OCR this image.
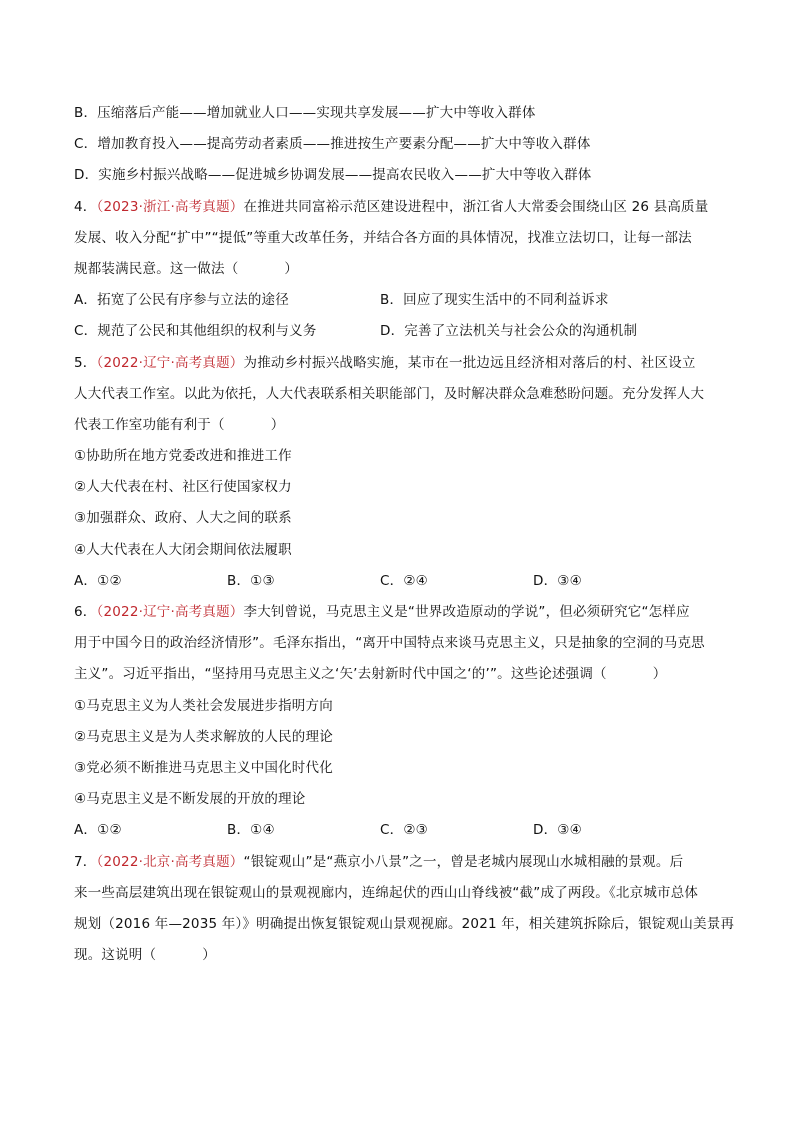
B．压缩落后产能——增加就业人口——实现共享发展——扩大中等收入群体
C．增加教育投入——提高劳动者素质——推进按生产要素分配——扩大中等收入群体
D．实施乡村振兴战略——促进城乡协调发展——提高农民收入——扩大中等收入群体
4．（2023·浙江·高考真题）在推进共同富裕示范区建设进程中，浙江省人大常委会围绕山区 26 县高质量
发展、收入分配“扩中”“提低”等重大改革任务，并结合各方面的具体情况，找准立法切口，让每一部法
规都装满民意。这一做法（	）
A．拓宽了公民有序参与立法的途径	B．回应了现实生活中的不同利益诉求
C．规范了公民和其他组织的权利与义务	D．完善了立法机关与社会公众的沟通机制
5．（2022·辽宁·高考真题）为推动乡村振兴战略实施，某市在一批边远且经济相对落后的村、社区设立
人大代表工作室。以此为依托，人大代表联系相关职能部门，及时解决群众急难愁盼问题。充分发挥人大
代表工作室功能有利于（	）
①协助所在地方党委改进和推进工作
②人大代表在村、社区行使国家权力
③加强群众、政府、人大之间的联系
④人大代表在人大闭会期间依法履职
A．①②	B．①③	C．②④	D．③④
6．（2022·辽宁·高考真题）李大钊曾说，马克思主义是“世界改造原动的学说”，但必须研究它“怎样应
用于中国今日的政治经济情形”。毛泽东指出，“离开中国特点来谈马克思主义，只是抽象的空洞的马克思
主义”。习近平指出，“坚持用马克思主义之‘矢’去射新时代中国之‘的’”。这些论述强调（	）
①马克思主义为人类社会发展进步指明方向
②马克思主义是为人类求解放的人民的理论
③党必须不断推进马克思主义中国化时代化
④马克思主义是不断发展的开放的理论
A．①②	B．①④	C．②③	D．③④
7．（2022·北京·高考真题）“银锭观山”是“燕京小八景”之一，曾是老城内展现山水城相融的景观。后
来一些高层建筑出现在银锭观山的景观视廊内，连绵起伏的西山山脊线被“截”成了两段。《北京城市总体
规划（2016 年—2035 年）》明确提出恢复银锭观山景观视廊。2021 年，相关建筑拆除后，银锭观山美景再
现。这说明（	）
